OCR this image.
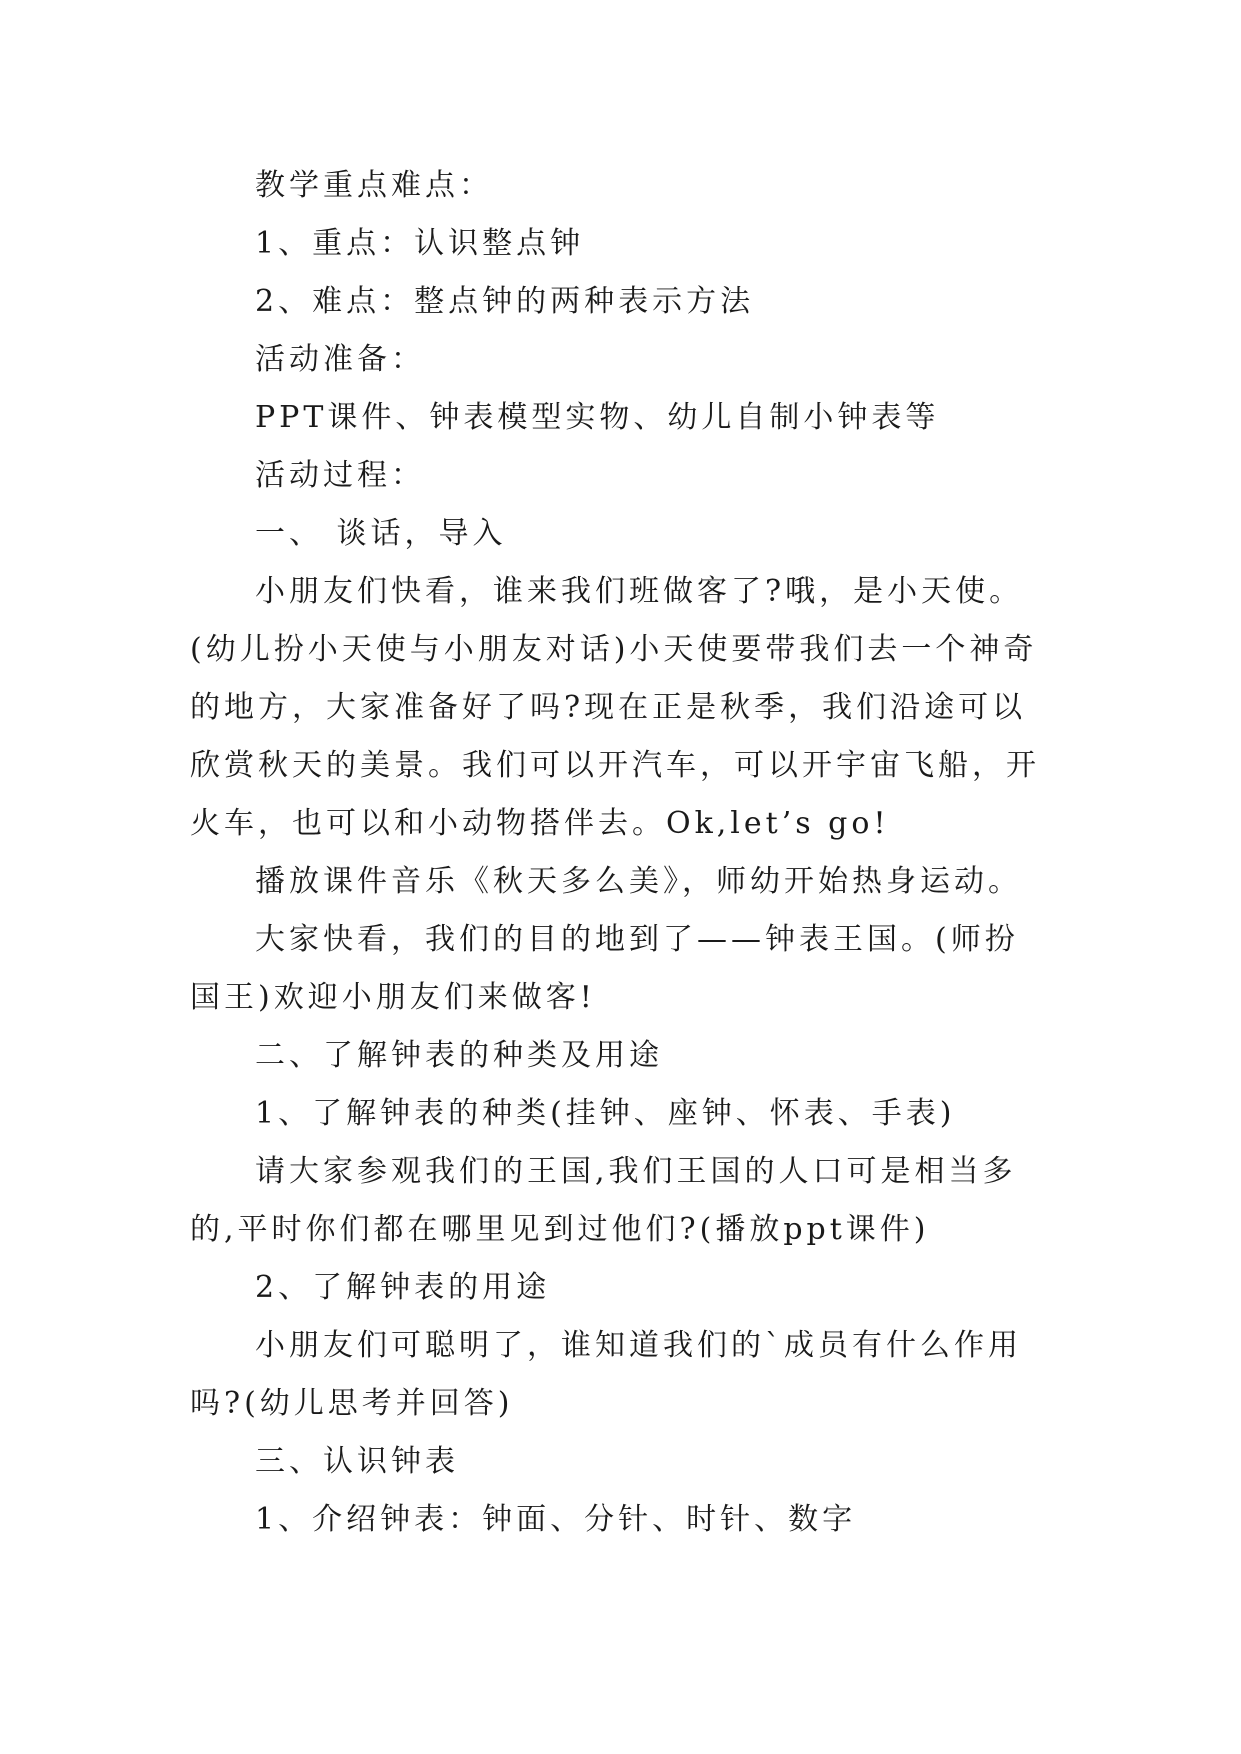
教学重点难点：

1、重点：认识整点钟

2、难点：整点钟的两种表示方法

活动准备：

PPT课件、钟表模型实物、幼儿自制小钟表等

活动过程：

一、 谈话，导入

小朋友们快看，谁来我们班做客了?哦，是小天使。(幼儿扮小天使与小朋友对话)小天使要带我们去一个神奇的地方，大家准备好了吗?现在正是秋季，我们沿途可以欣赏秋天的美景。我们可以开汽车，可以开宇宙飞船，开火车，也可以和小动物搭伴去。Ok,let’s go!

播放课件音乐《秋天多么美》，师幼开始热身运动。

大家快看，我们的目的地到了——钟表王国。(师扮国王)欢迎小朋友们来做客!

二、了解钟表的种类及用途

1、了解钟表的种类(挂钟、座钟、怀表、手表)

请大家参观我们的王国,我们王国的人口可是相当多的,平时你们都在哪里见到过他们?(播放ppt课件)

2、了解钟表的用途

小朋友们可聪明了，谁知道我们的`成员有什么作用吗?(幼儿思考并回答)

三、认识钟表

1、介绍钟表：钟面、分针、时针、数字
